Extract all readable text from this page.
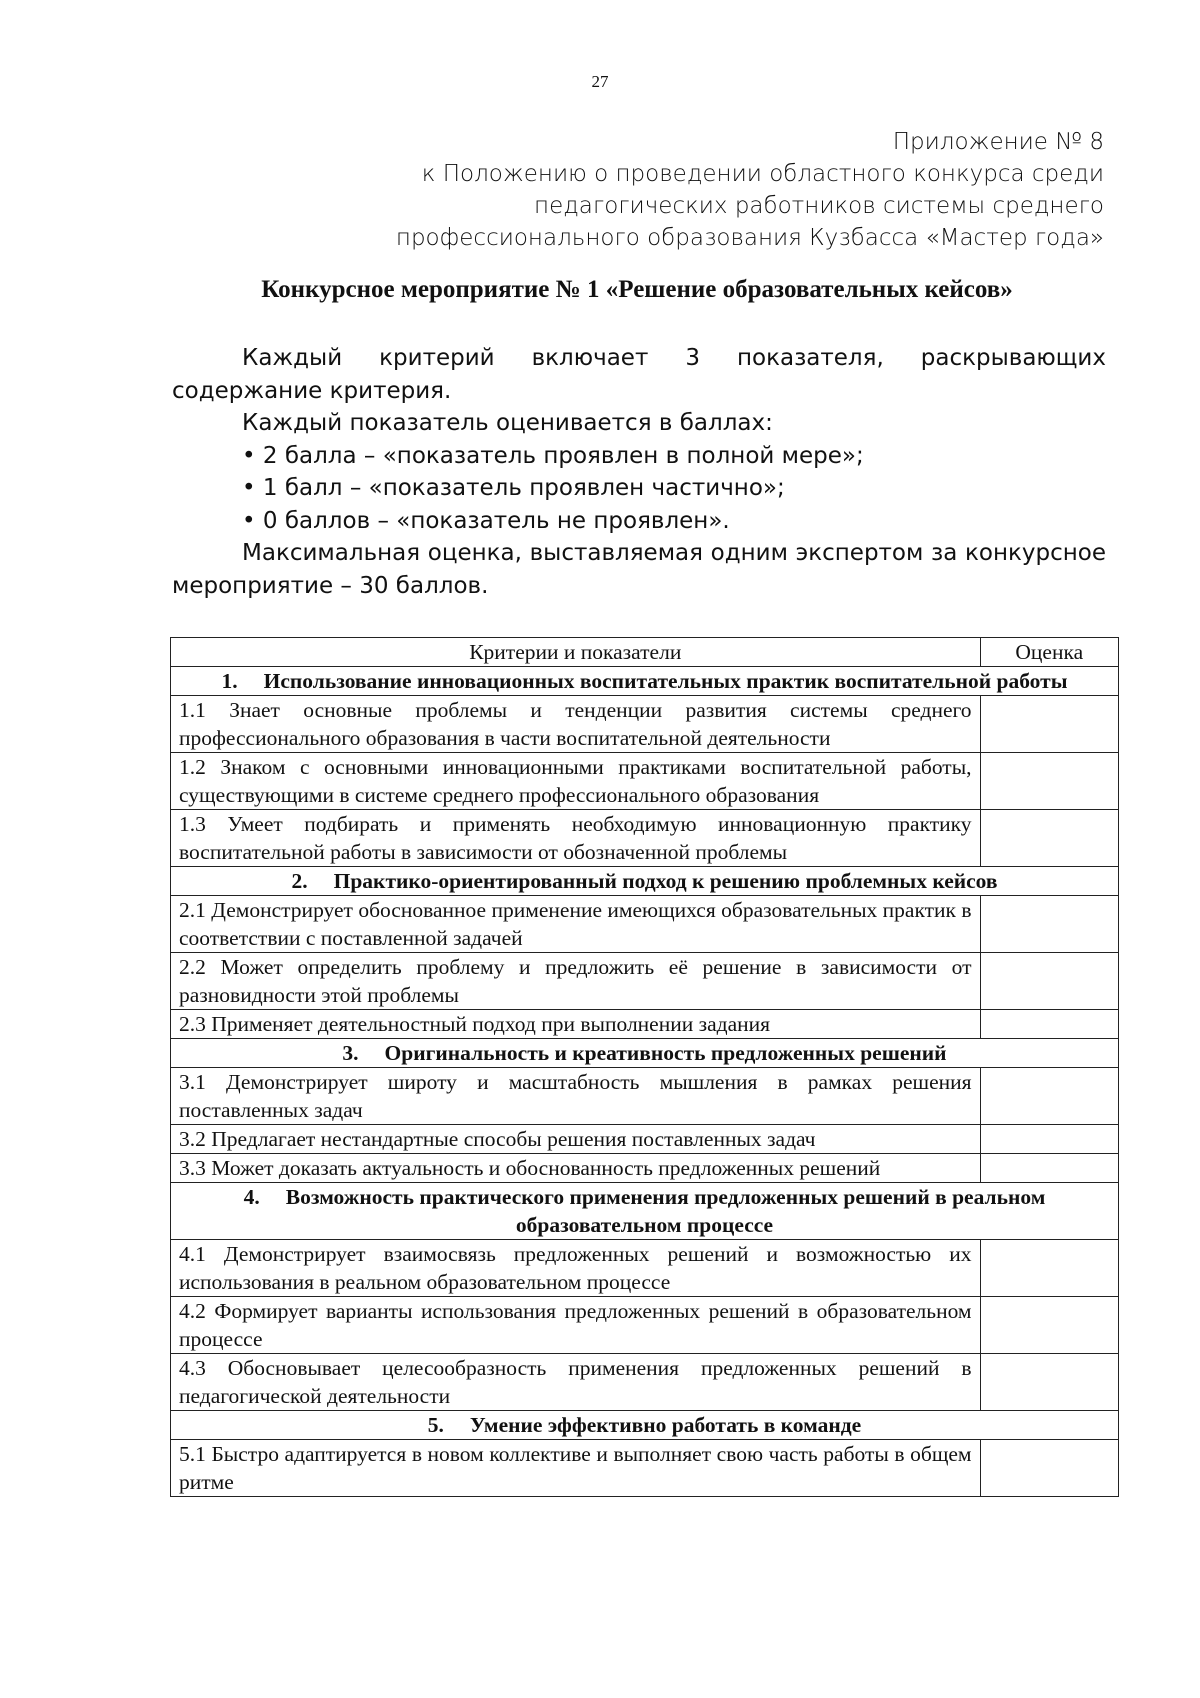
27
Приложение № 8
к Положению о проведении областного конкурса среди
педагогических работников системы среднего
профессионального образования Кузбасса «Мастер года»
Конкурсное мероприятие № 1 «Решение образовательных кейсов»

Каждый критерий включает 3 показателя, раскрывающих содержание критерия.

Каждый показатель оценивается в баллах:

• 2 балла – «показатель проявлен в полной мере»;

• 1 балл – «показатель проявлен частично»;

• 0 баллов – «показатель не проявлен».

Максимальная оценка, выставляемая одним экспертом за конкурсное мероприятие – 30 баллов.

Критерии и показатели	Оценка
1. Использование инновационных воспитательных практик воспитательной работы	
1.1 Знает основные проблемы и тенденции развития системы среднего профессионального образования в части воспитательной деятельности	
1.2 Знаком с основными инновационными практиками воспитательной работы, существующими в системе среднего профессионального образования	
1.3 Умеет подбирать и применять необходимую инновационную практику воспитательной работы в зависимости от обозначенной проблемы	
2. Практико-ориентированный подход к решению проблемных кейсов	
2.1 Демонстрирует обоснованное применение имеющихся образовательных практик в соответствии с поставленной задачей	
2.2 Может определить проблему и предложить её решение в зависимости от разновидности этой проблемы	
2.3 Применяет деятельностный подход при выполнении задания	
3. Оригинальность и креативность предложенных решений	
3.1 Демонстрирует широту и масштабность мышления в рамках решения поставленных задач	
3.2 Предлагает нестандартные способы решения поставленных задач	
3.3 Может доказать актуальность и обоснованность предложенных решений	
4. Возможность практического применения предложенных решений в реальном образовательном процессе	
4.1 Демонстрирует взаимосвязь предложенных решений и возможностью их использования в реальном образовательном процессе	
4.2 Формирует варианты использования предложенных решений в образовательном процессе	
4.3 Обосновывает целесообразность применения предложенных решений в педагогической деятельности	
5. Умение эффективно работать в команде	
5.1 Быстро адаптируется в новом коллективе и выполняет свою часть работы в общем ритме	
